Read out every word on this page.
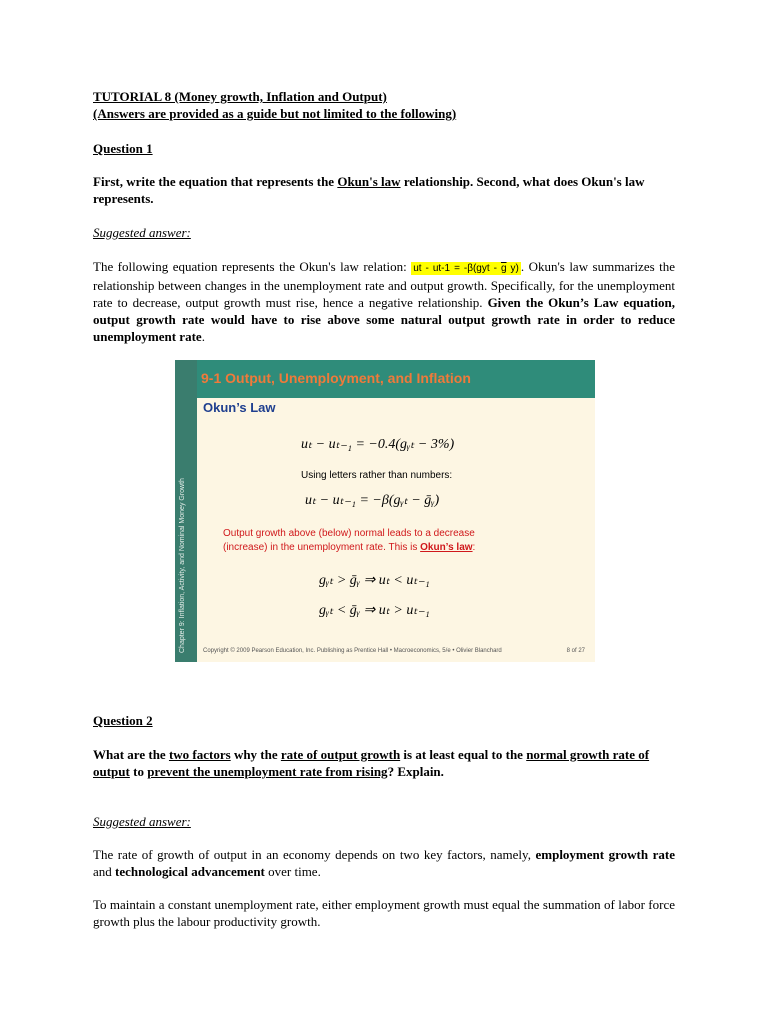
TUTORIAL 8 (Money growth, Inflation and Output)
(Answers are provided as a guide but not limited to the following)
Question 1
First, write the equation that represents the Okun's law relationship. Second, what does Okun's law represents.
Suggested answer:
The following equation represents the Okun's law relation: ut - $ut-1 = -\beta(gyt - \overline{g}$ y) . Okun's law summarizes the relationship between changes in the unemployment rate and output growth. Specifically, for the unemployment rate to decrease, output growth must rise, hence a negative relationship. Given the Okun’s Law equation, output growth rate would have to rise above some natural output growth rate in order to reduce unemployment rate.
Question 2
What are the two factors why the rate of output growth is at least equal to the normal growth rate of output to prevent the unemployment rate from rising? Explain.
Suggested answer:
The rate of growth of output in an economy depends on two key factors, namely, employment growth rate and technological advancement over time.
To maintain a constant unemployment rate, either employment growth must equal the summation of labor force growth plus the labour productivity growth.
Chapter 9: Inflation, Activity, and Nominal Money Growth
9-1 Output, Unemployment, and Inflation
Okun’s Law
uₜ − uₜ₋₁ = −0.4(gᵧₜ − 3%)
Using letters rather than numbers:
uₜ − uₜ₋₁ = −β(gᵧₜ − ḡᵧ)
Output growth above (below) normal leads to a decrease
(increase) in the unemployment rate. This is Okun’s law:
gᵧₜ > ḡᵧ ⇒ uₜ < uₜ₋₁
gᵧₜ < ḡᵧ ⇒ uₜ > uₜ₋₁
Copyright © 2009 Pearson Education, Inc. Publishing as Prentice Hall • Macroeconomics, 5/e • Olivier Blanchard	8 of 27
